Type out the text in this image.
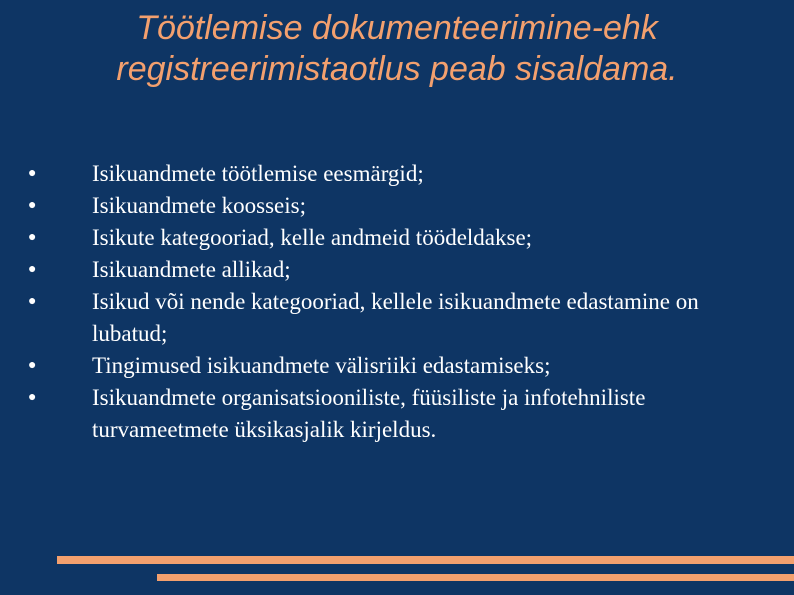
Töötlemise dokumenteerimine-ehk registreerimistaotlus peab sisaldama.
●	Isikuandmete töötlemise eesmärgid;
●	Isikuandmete koosseis;
●	Isikute kategooriad, kelle andmeid töödeldakse;
●	Isikuandmete allikad;
●	Isikud või nende kategooriad, kellele isikuandmete edastamine on lubatud;
●	Tingimused isikuandmete välisriiki edastamiseks;
●	Isikuandmete organisatsiooniliste, füüsiliste ja infotehniliste turvameetmete üksikasjalik kirjeldus.
